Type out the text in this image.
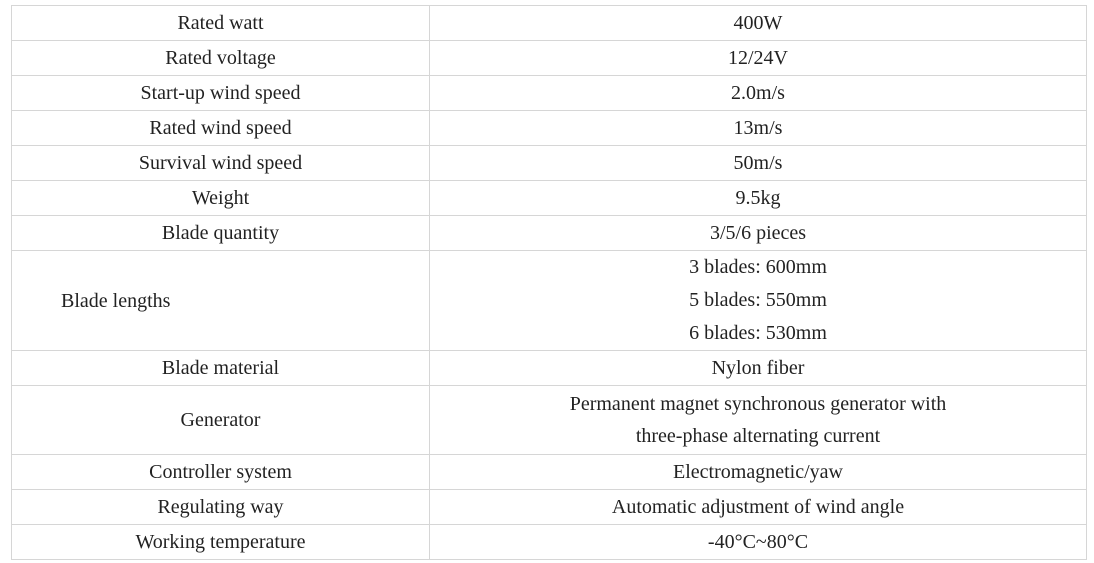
Rated watt	400W
Rated voltage	12/24V
Start-up wind speed	2.0m/s
Rated wind speed	13m/s
Survival wind speed	50m/s
Weight	9.5kg
Blade quantity	3/5/6 pieces
Blade lengths	3 blades: 600mm
5 blades: 550mm
6 blades: 530mm

Blade material	Nylon fiber
Generator	Permanent magnet synchronous generator with
three-phase alternating current

Controller system	Electromagnetic/yaw
Regulating way	Automatic adjustment of wind angle
Working temperature	-40°C~80°C
